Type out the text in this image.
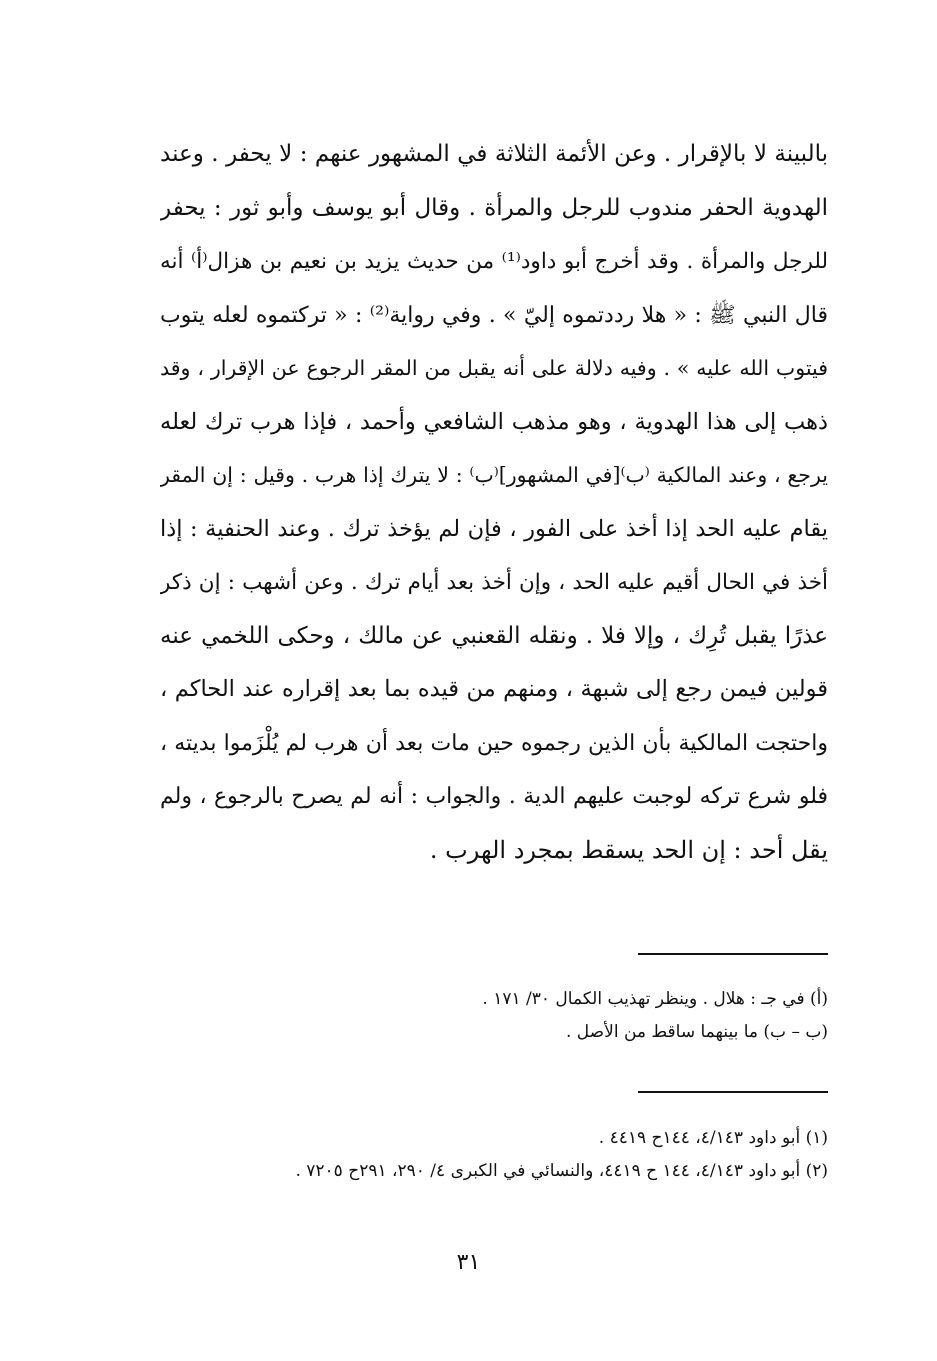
بالبينة لا بالإقرار . وعن الأئمة الثلاثة في المشهور عنهم : لا يحفر . وعند
الهدوية الحفر مندوب للرجل والمرأة . وقال أبو يوسف وأبو ثور : يحفر
للرجل والمرأة . وقد أخرج أبو داود⁽¹⁾ من حديث يزيد بن نعيم بن هزال⁽أ⁾ أنه
قال النبي ﷺ : « هلا رددتموه إليّ » . وفي رواية⁽²⁾ : « تركتموه لعله يتوب
فيتوب الله عليه » . وفيه دلالة على أنه يقبل من المقر الرجوع عن الإقرار ، وقد
ذهب إلى هذا الهدوية ، وهو مذهب الشافعي وأحمد ، فإذا هرب ترك لعله
يرجع ، وعند المالكية ⁽ب⁾[في المشهور]⁽ب⁾ : لا يترك إذا هرب . وقيل : إن المقر
يقام عليه الحد إذا أخذ على الفور ، فإن لم يؤخذ ترك . وعند الحنفية : إذا
أخذ في الحال أقيم عليه الحد ، وإن أخذ بعد أيام ترك . وعن أشهب : إن ذكر
عذرًا يقبل تُرِك ، وإلا فلا . ونقله القعنبي عن مالك ، وحكى اللخمي عنه
قولين فيمن رجع إلى شبهة ، ومنهم من قيده بما بعد إقراره عند الحاكم ،
واحتجت المالكية بأن الذين رجموه حين مات بعد أن هرب لم يُلْزَموا بديته ،
فلو شرع تركه لوجبت عليهم الدية . والجواب : أنه لم يصرح بالرجوع ، ولم
يقل أحد : إن الحد يسقط بمجرد الهرب .
(أ) في جـ : هلال . وينظر تهذيب الكمال ٣٠/ ١٧١ .
(ب – ب) ما بينهما ساقط من الأصل .
(١) أبو داود ٤/١٤٣، ١٤٤ح ٤٤١٩ .
(٢) أبو داود ٤/١٤٣، ١٤٤ ح ٤٤١٩، والنسائي في الكبرى ٤/ ٢٩٠، ٢٩١ح ٧٢٠٥ .
٣١
